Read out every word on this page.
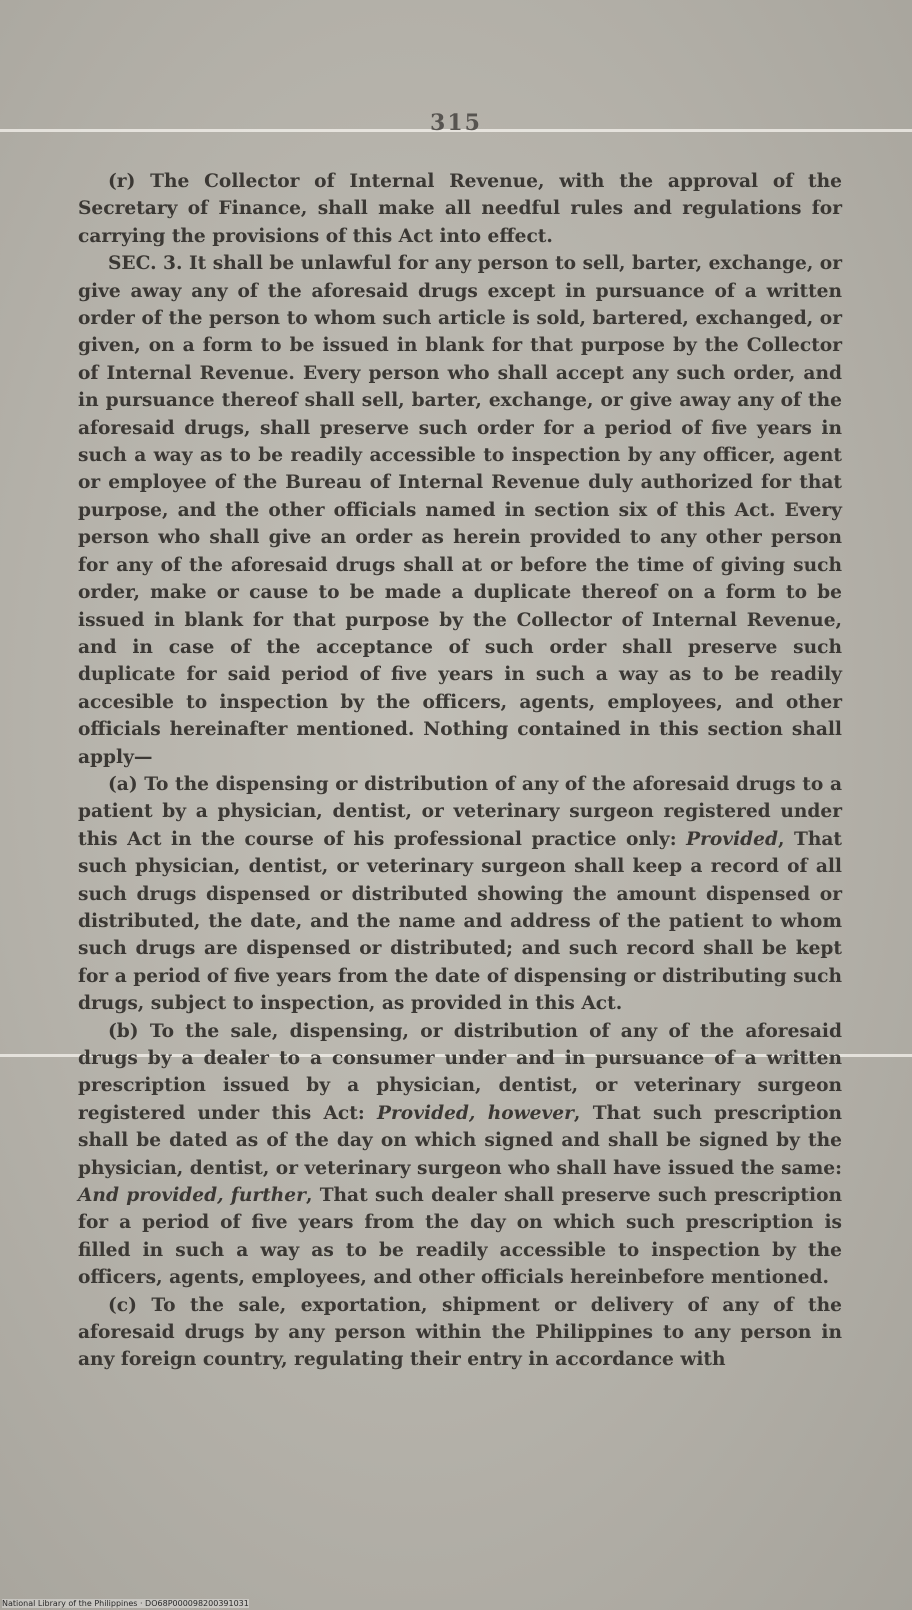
315

(r) The Collector of Internal Revenue, with the approval of the Secretary of Finance, shall make all needful rules and regulations for carrying the provisions of this Act into effect.

SEC. 3. It shall be unlawful for any person to sell, barter, exchange, or give away any of the aforesaid drugs except in pursuance of a written order of the person to whom such article is sold, bartered, exchanged, or given, on a form to be issued in blank for that purpose by the Collector of Internal Revenue. Every person who shall accept any such order, and in pursuance thereof shall sell, barter, exchange, or give away any of the aforesaid drugs, shall preserve such order for a period of five years in such a way as to be readily accessible to inspection by any officer, agent or employee of the Bureau of Internal Revenue duly authorized for that purpose, and the other officials named in section six of this Act. Every person who shall give an order as herein provided to any other person for any of the aforesaid drugs shall at or before the time of giving such order, make or cause to be made a duplicate thereof on a form to be issued in blank for that purpose by the Collector of Internal Revenue, and in case of the acceptance of such order shall preserve such duplicate for said period of five years in such a way as to be readily accesible to inspection by the officers, agents, employees, and other officials hereinafter mentioned. Nothing contained in this section shall apply—

(a) To the dispensing or distribution of any of the aforesaid drugs to a patient by a physician, dentist, or veterinary surgeon registered under this Act in the course of his professional practice only: Provided, That such physician, dentist, or veterinary surgeon shall keep a record of all such drugs dispensed or distributed showing the amount dispensed or distributed, the date, and the name and address of the patient to whom such drugs are dispensed or distributed; and such record shall be kept for a period of five years from the date of dispensing or distributing such drugs, subject to inspection, as provided in this Act.

(b) To the sale, dispensing, or distribution of any of the aforesaid drugs by a dealer to a consumer under and in pursuance of a written prescription issued by a physician, dentist, or veterinary surgeon registered under this Act: Provided, however, That such prescription shall be dated as of the day on which signed and shall be signed by the physician, dentist, or veterinary surgeon who shall have issued the same: And provided, further, That such dealer shall preserve such prescription for a period of five years from the day on which such prescription is filled in such a way as to be readily accessible to inspection by the officers, agents, employees, and other officials hereinbefore mentioned.

(c) To the sale, exportation, shipment or delivery of any of the aforesaid drugs by any person within the Philippines to any person in any foreign country, regulating their entry in accordance with

National Library of the Philippines · DO68P000098200391031
